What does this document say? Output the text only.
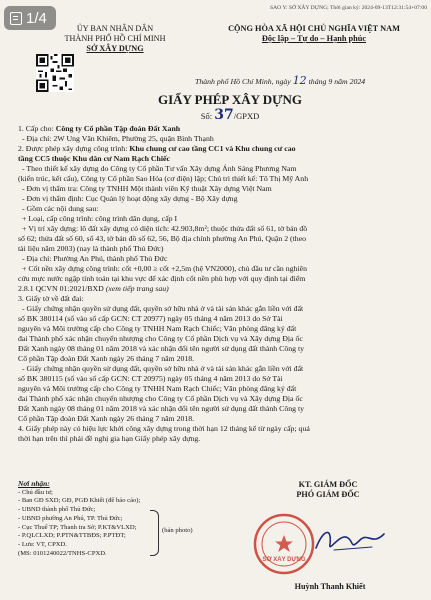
SAO Y: SỞ XÂY DỰNG; Thời gian ký: 2024-09-13T12:31:54+07:00
1/4
ỦY BAN NHÂN DÂN
THÀNH PHỐ HỒ CHÍ MINH
SỞ XÂY DỰNG
CỘNG HÒA XÃ HỘI CHỦ NGHĨA VIỆT NAM
Độc lập – Tự do – Hạnh phúc
Thành phố Hồ Chí Minh, ngày 12 tháng 9 năm 2024
GIẤY PHÉP XÂY DỰNG
Số: 37/GPXD
1. Cấp cho: Công ty Cổ phần Tập đoàn Đất Xanh
- Địa chỉ: 2W Ung Văn Khiêm, Phường 25, quận Bình Thạnh
2. Được phép xây dựng công trình: Khu chung cư cao tầng CC1 và Khu chung cư cao
tầng CC5 thuộc Khu dân cư Nam Rạch Chiếc
- Theo thiết kế xây dựng do Công ty Cổ phần Tư vấn Xây dựng Ánh Sáng Phương Nam
(kiến trúc, kết cấu), Công ty Cổ phần Sao Hỏa (cơ điện) lập; Chủ trì thiết kế: Tô Thị Mỹ Anh
- Đơn vị thẩm tra: Công ty TNHH Một thành viên Kỹ thuật Xây dựng Việt Nam
- Đơn vị thẩm định: Cục Quản lý hoạt động xây dựng - Bộ Xây dựng
- Gồm các nội dung sau:
+ Loại, cấp công trình: công trình dân dụng, cấp I
+ Vị trí xây dựng: lô đất xây dựng có diện tích: 42.903,8m²; thuộc thửa đất số 61, tờ bản đồ
số 62; thửa đất số 60, số 43, tờ bản đồ số 62, 56, Bộ địa chính phường An Phú, Quận 2 (theo
tài liệu năm 2003) (nay là thành phố Thủ Đức)
- Địa chỉ: Phường An Phú, thành phố Thủ Đức
+ Cốt nền xây dựng công trình: cốt +0,00 ≥ cốt +2,5m (hệ VN2000), chủ đầu tư cần nghiên
cứu mực nước ngập tính toán tại khu vực để xác định cốt nền phù hợp với quy định tại điểm
2.8.1 QCVN 01:2021/BXD (xem tiếp trang sau)
3. Giấy tờ về đất đai:
- Giấy chứng nhận quyền sử dụng đất, quyền sở hữu nhà ở và tài sản khác gắn liền với đất
số BK 380114 (số vào sổ cấp GCN: CT 20977) ngày 05 tháng 4 năm 2013 do Sở Tài
nguyên và Môi trường cấp cho Công ty TNHH Nam Rạch Chiếc; Văn phòng đăng ký đất
đai Thành phố xác nhận chuyển nhượng cho Công ty Cổ phần Dịch vụ và Xây dựng Địa ốc
Đất Xanh ngày 08 tháng 01 năm 2018 và xác nhận đổi tên người sử dụng đất thành Công ty
Cổ phần Tập đoàn Đất Xanh ngày 26 tháng 7 năm 2018.
- Giấy chứng nhận quyền sử dụng đất, quyền sở hữu nhà ở và tài sản khác gắn liền với đất
số BK 380115 (số vào sổ cấp GCN: CT 20975) ngày 05 tháng 4 năm 2013 do Sở Tài
nguyên và Môi trường cấp cho Công ty TNHH Nam Rạch Chiếc; Văn phòng đăng ký đất
đai Thành phố xác nhận chuyển nhượng cho Công ty Cổ phần Dịch vụ và Xây dựng Địa ốc
Đất Xanh ngày 08 tháng 01 năm 2018 và xác nhận đổi tên người sử dụng đất thành Công ty
Cổ phần Tập đoàn Đất Xanh ngày 26 tháng 7 năm 2018.
4. Giấy phép này có hiệu lực khởi công xây dựng trong thời hạn 12 tháng kể từ ngày cấp; quá
thời hạn trên thì phải đề nghị gia hạn Giấy phép xây dựng.
Nơi nhận:
- Chủ đầu tư;
- Ban GĐ SXD; GĐ, PGĐ Khiết (để báo cáo);
- UBND thành phố Thủ Đức;
- UBND phường An Phú, TP. Thủ Đức;
- Cục Thuế TP; Thanh tra Sở; P.KT&VLXD;
- P.QLCLXD; P.PTN&TTBĐS; P.PTĐT;
- Lưu: VT, CPXD.
(MS: 0101240022/TNHS-CPXD.
(bản photo)
KT. GIÁM ĐỐC
PHÓ GIÁM ĐỐC
SỞ XÂY DỰNG
Huỳnh Thanh Khiết
